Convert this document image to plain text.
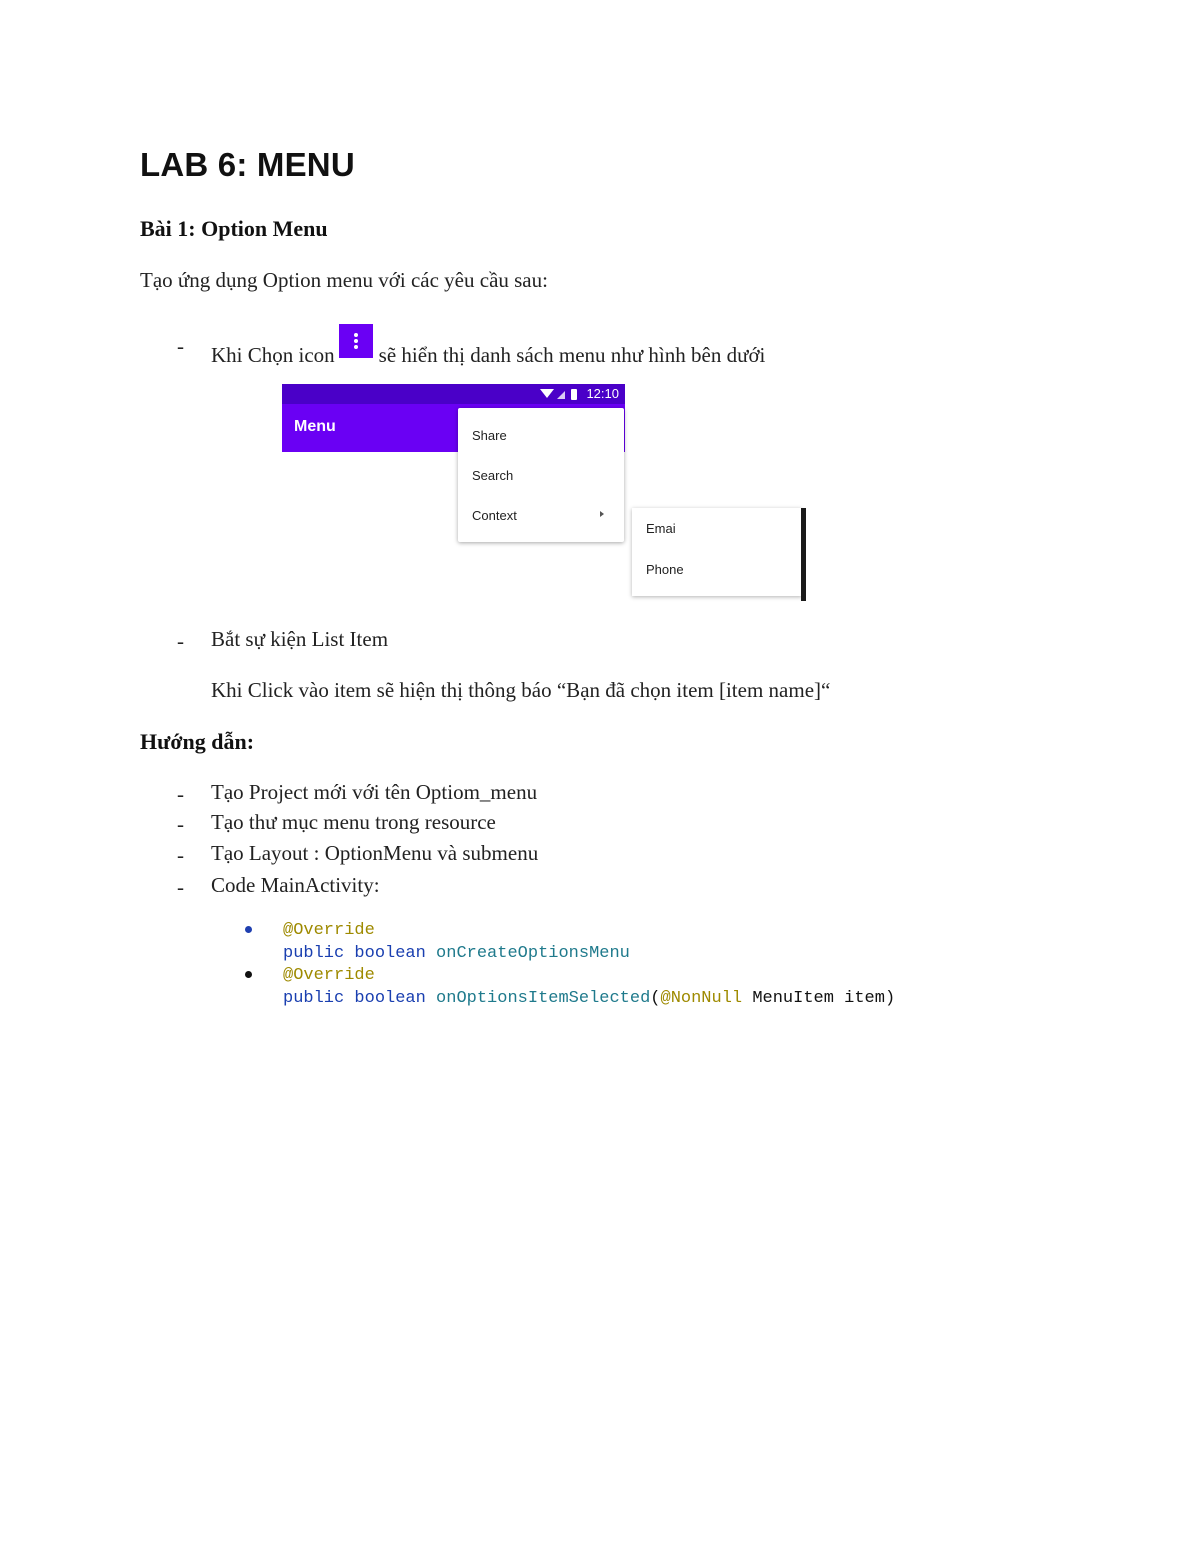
LAB 6: MENU
Bài 1: Option Menu
Tạo ứng dụng Option menu với các yêu cầu sau:
- Khi Chọn icon sẽ hiển thị danh sách menu như hình bên dưới
12:10
Menu
Share
Search
Context
Emai
Phone
- Bắt sự kiện List Item
Khi Click vào item sẽ hiện thị thông báo “Bạn đã chọn item [item name]“
Hướng dẫn:
- Tạo Project mới với tên Optiom_menu
- Tạo thư mục menu trong resource
- Tạo Layout : OptionMenu và submenu
- Code MainActivity:
@Override
public boolean onCreateOptionsMenu
@Override
public boolean onOptionsItemSelected(@NonNull MenuItem item)
